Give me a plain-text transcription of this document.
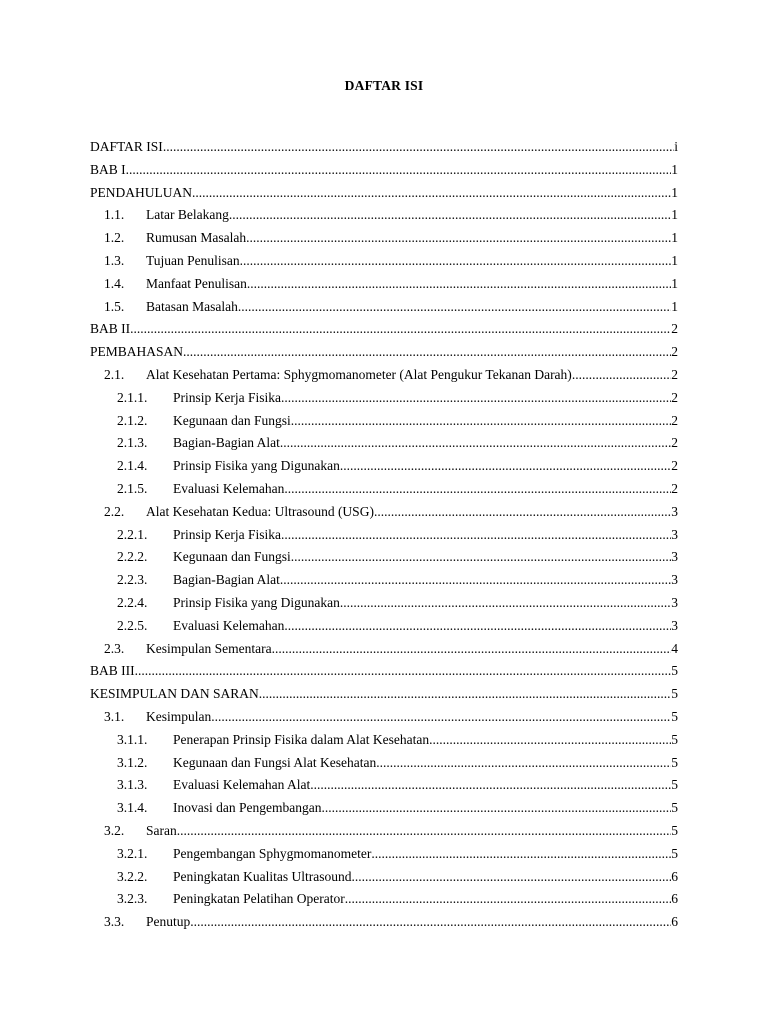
DAFTAR ISI
DAFTAR ISI .....	i
BAB I .....	1
PENDAHULUAN .....	1
1.1.	Latar Belakang .....	1
1.2.	Rumusan Masalah .....	1
1.3.	Tujuan Penulisan .....	1
1.4.	Manfaat Penulisan .....	1
1.5.	Batasan Masalah .....	1
BAB II .....	2
PEMBAHASAN .....	2
2.1.	Alat Kesehatan Pertama: Sphygmomanometer (Alat Pengukur Tekanan Darah) .....	2
2.1.1.	Prinsip Kerja Fisika .....	2
2.1.2.	Kegunaan dan Fungsi .....	2
2.1.3.	Bagian-Bagian Alat .....	2
2.1.4.	Prinsip Fisika yang Digunakan .....	2
2.1.5.	Evaluasi Kelemahan .....	2
2.2.	Alat Kesehatan Kedua: Ultrasound (USG) .....	3
2.2.1.	Prinsip Kerja Fisika .....	3
2.2.2.	Kegunaan dan Fungsi .....	3
2.2.3.	Bagian-Bagian Alat .....	3
2.2.4.	Prinsip Fisika yang Digunakan .....	3
2.2.5.	Evaluasi Kelemahan .....	3
2.3.	Kesimpulan Sementara .....	4
BAB III .....	5
KESIMPULAN DAN SARAN .....	5
3.1.	Kesimpulan .....	5
3.1.1.	Penerapan Prinsip Fisika dalam Alat Kesehatan .....	5
3.1.2.	Kegunaan dan Fungsi Alat Kesehatan .....	5
3.1.3.	Evaluasi Kelemahan Alat .....	5
3.1.4.	Inovasi dan Pengembangan .....	5
3.2.	Saran .....	5
3.2.1.	Pengembangan Sphygmomanometer .....	5
3.2.2.	Peningkatan Kualitas Ultrasound .....	6
3.2.3.	Peningkatan Pelatihan Operator .....	6
3.3.	Penutup .....	6
